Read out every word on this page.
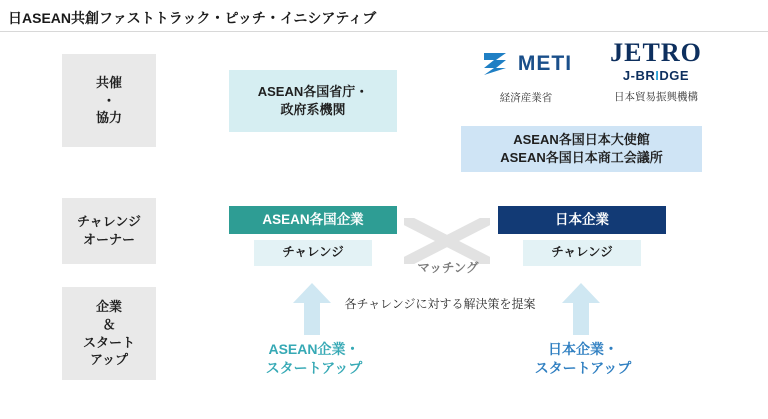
日ASEAN共創ファストトラック・ピッチ・イニシアティブ
共催
・
協力
チャレンジ
オーナー
企業
＆
スタート
アップ
ASEAN各国省庁・
政府系機関
ASEAN各国日本大使館
ASEAN各国日本商工会議所
METI
経済産業省
JETRO
J-BRIDGE
日本貿易振興機構
ASEAN各国企業	日本企業
チャレンジ	チャレンジ
マッチング
各チャレンジに対する解決策を提案
ASEAN企業・
スタートアップ
日本企業・
スタートアップ
